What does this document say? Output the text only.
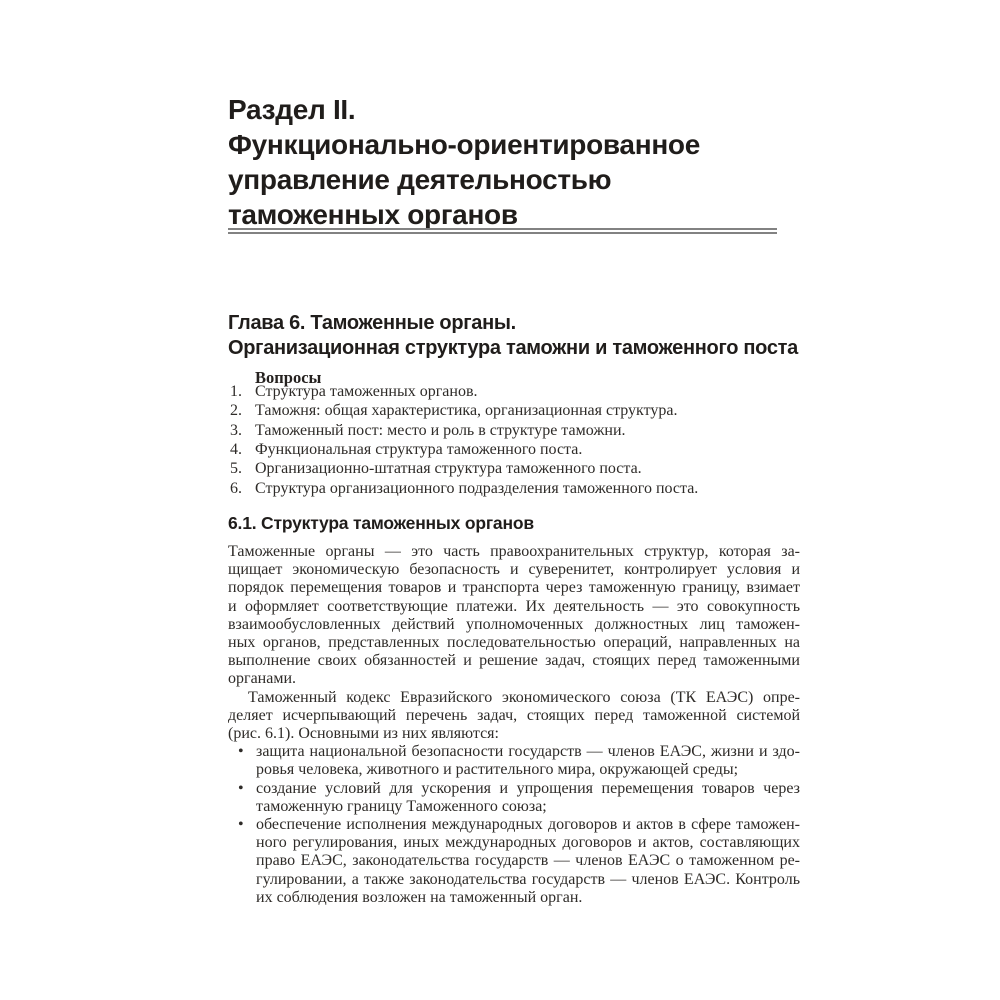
Раздел II.
Функционально-ориентированное
управление деятельностью
таможенных органов
Глава 6. Таможенные органы.
Организационная структура таможни и таможенного поста
Вопросы
1. Структура таможенных органов.
2. Таможня: общая характеристика, организационная структура.
3. Таможенный пост: место и роль в структуре таможни.
4. Функциональная структура таможенного поста.
5. Организационно-штатная структура таможенного поста.
6. Структура организационного подразделения таможенного поста.
6.1. Структура таможенных органов
Таможенные органы — это часть правоохранительных структур, которая за-
щищает экономическую безопасность и суверенитет, контролирует условия и
порядок перемещения товаров и транспорта через таможенную границу, взимает
и оформляет соответствующие платежи. Их деятельность — это совокупность
взаимообусловленных действий уполномоченных должностных лиц таможен-
ных органов, представленных последовательностью операций, направленных на
выполнение своих обязанностей и решение задач, стоящих перед таможенными
органами.
Таможенный кодекс Евразийского экономического союза (ТК ЕАЭС) опре-
деляет исчерпывающий перечень задач, стоящих перед таможенной системой
(рис. 6.1). Основными из них являются:
• защита национальной безопасности государств — членов ЕАЭС, жизни и здо-
ровья человека, животного и растительного мира, окружающей среды;
• создание условий для ускорения и упрощения перемещения товаров через
таможенную границу Таможенного союза;
• обеспечение исполнения международных договоров и актов в сфере таможен-
ного регулирования, иных международных договоров и актов, составляющих
право ЕАЭС, законодательства государств — членов ЕАЭС о таможенном ре-
гулировании, а также законодательства государств — членов ЕАЭС. Контроль
их соблюдения возложен на таможенный орган.
